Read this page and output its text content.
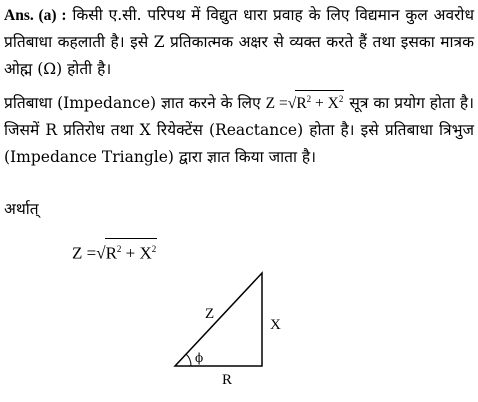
Ans. (a) : किसी ए.सी. परिपथ में विद्युत धारा प्रवाह के लिए विद्यमान कुल अवरोध प्रतिबाधा कहलाती है। इसे Z प्रतिकात्मक अक्षर से व्यक्त करते हैं तथा इसका मात्रक ओह्म (Ω) होती है।
प्रतिबाधा (Impedance) ज्ञात करने के लिए $Z =√R^2 + X^2$ सूत्र का प्रयोग होता है। जिसमें R प्रतिरोध तथा X रियेक्टेंस (Reactance) होता है। इसे प्रतिबाधा त्रिभुज (Impedance Triangle) द्वारा ज्ञात किया जाता है।
अर्थात्
$Z =√R^2 + X^2$
Z
X
R
ϕ
